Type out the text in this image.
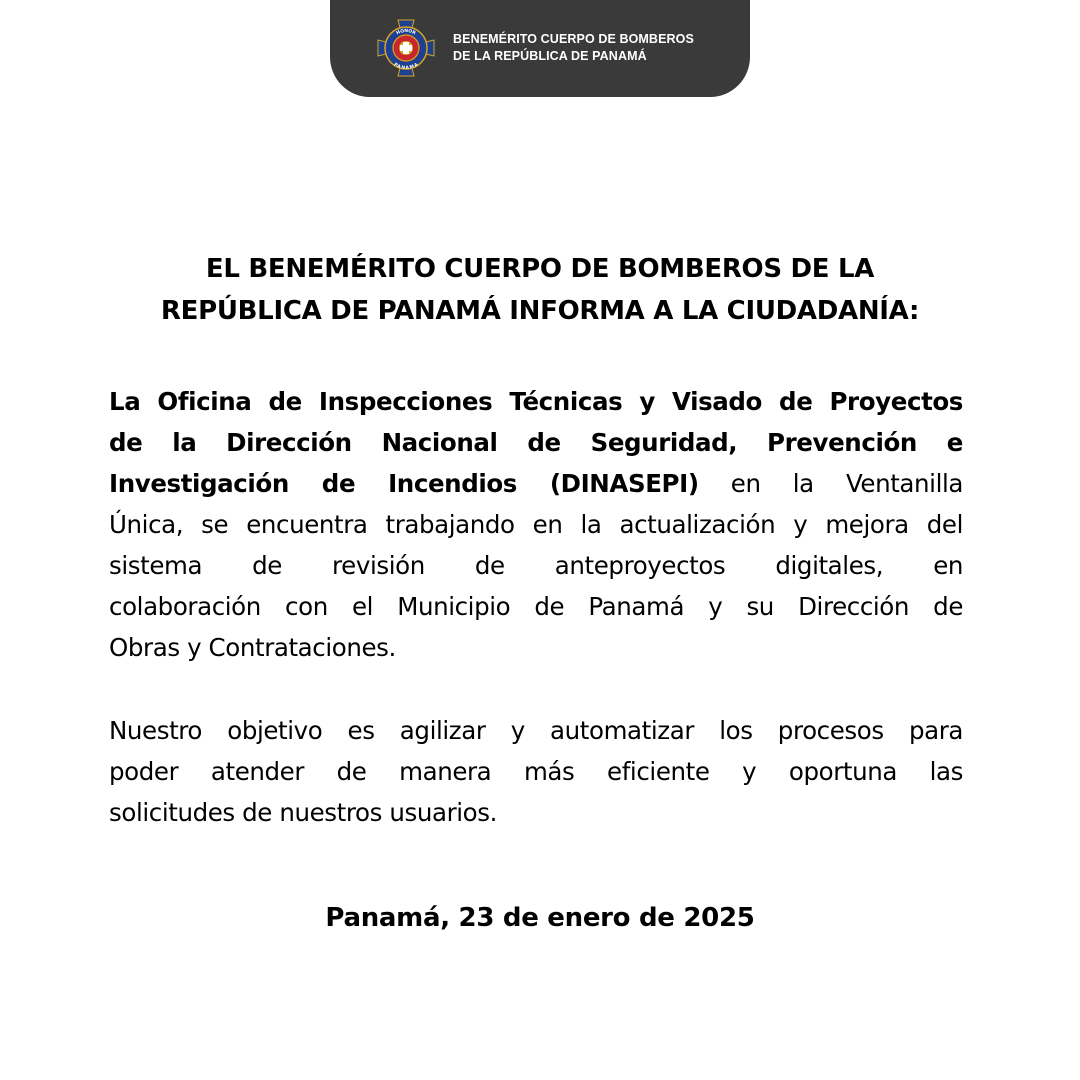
HONOR
PANAMA
BENEMÉRITO CUERPO DE BOMBEROS
DE LA REPÚBLICA DE PANAMÁ
EL BENEMÉRITO CUERPO DE BOMBEROS DE LA
REPÚBLICA DE PANAMÁ INFORMA A LA CIUDADANÍA:
La Oficina de Inspecciones Técnicas y Visado de Proyectos
de la Dirección Nacional de Seguridad, Prevención e
Investigación de Incendios (DINASEPI) en la Ventanilla
Única, se encuentra trabajando en la actualización y mejora del
sistema de revisión de anteproyectos digitales, en
colaboración con el Municipio de Panamá y su Dirección de
Obras y Contrataciones.
Nuestro objetivo es agilizar y automatizar los procesos para
poder atender de manera más eficiente y oportuna las
solicitudes de nuestros usuarios.
Panamá, 23 de enero de 2025
